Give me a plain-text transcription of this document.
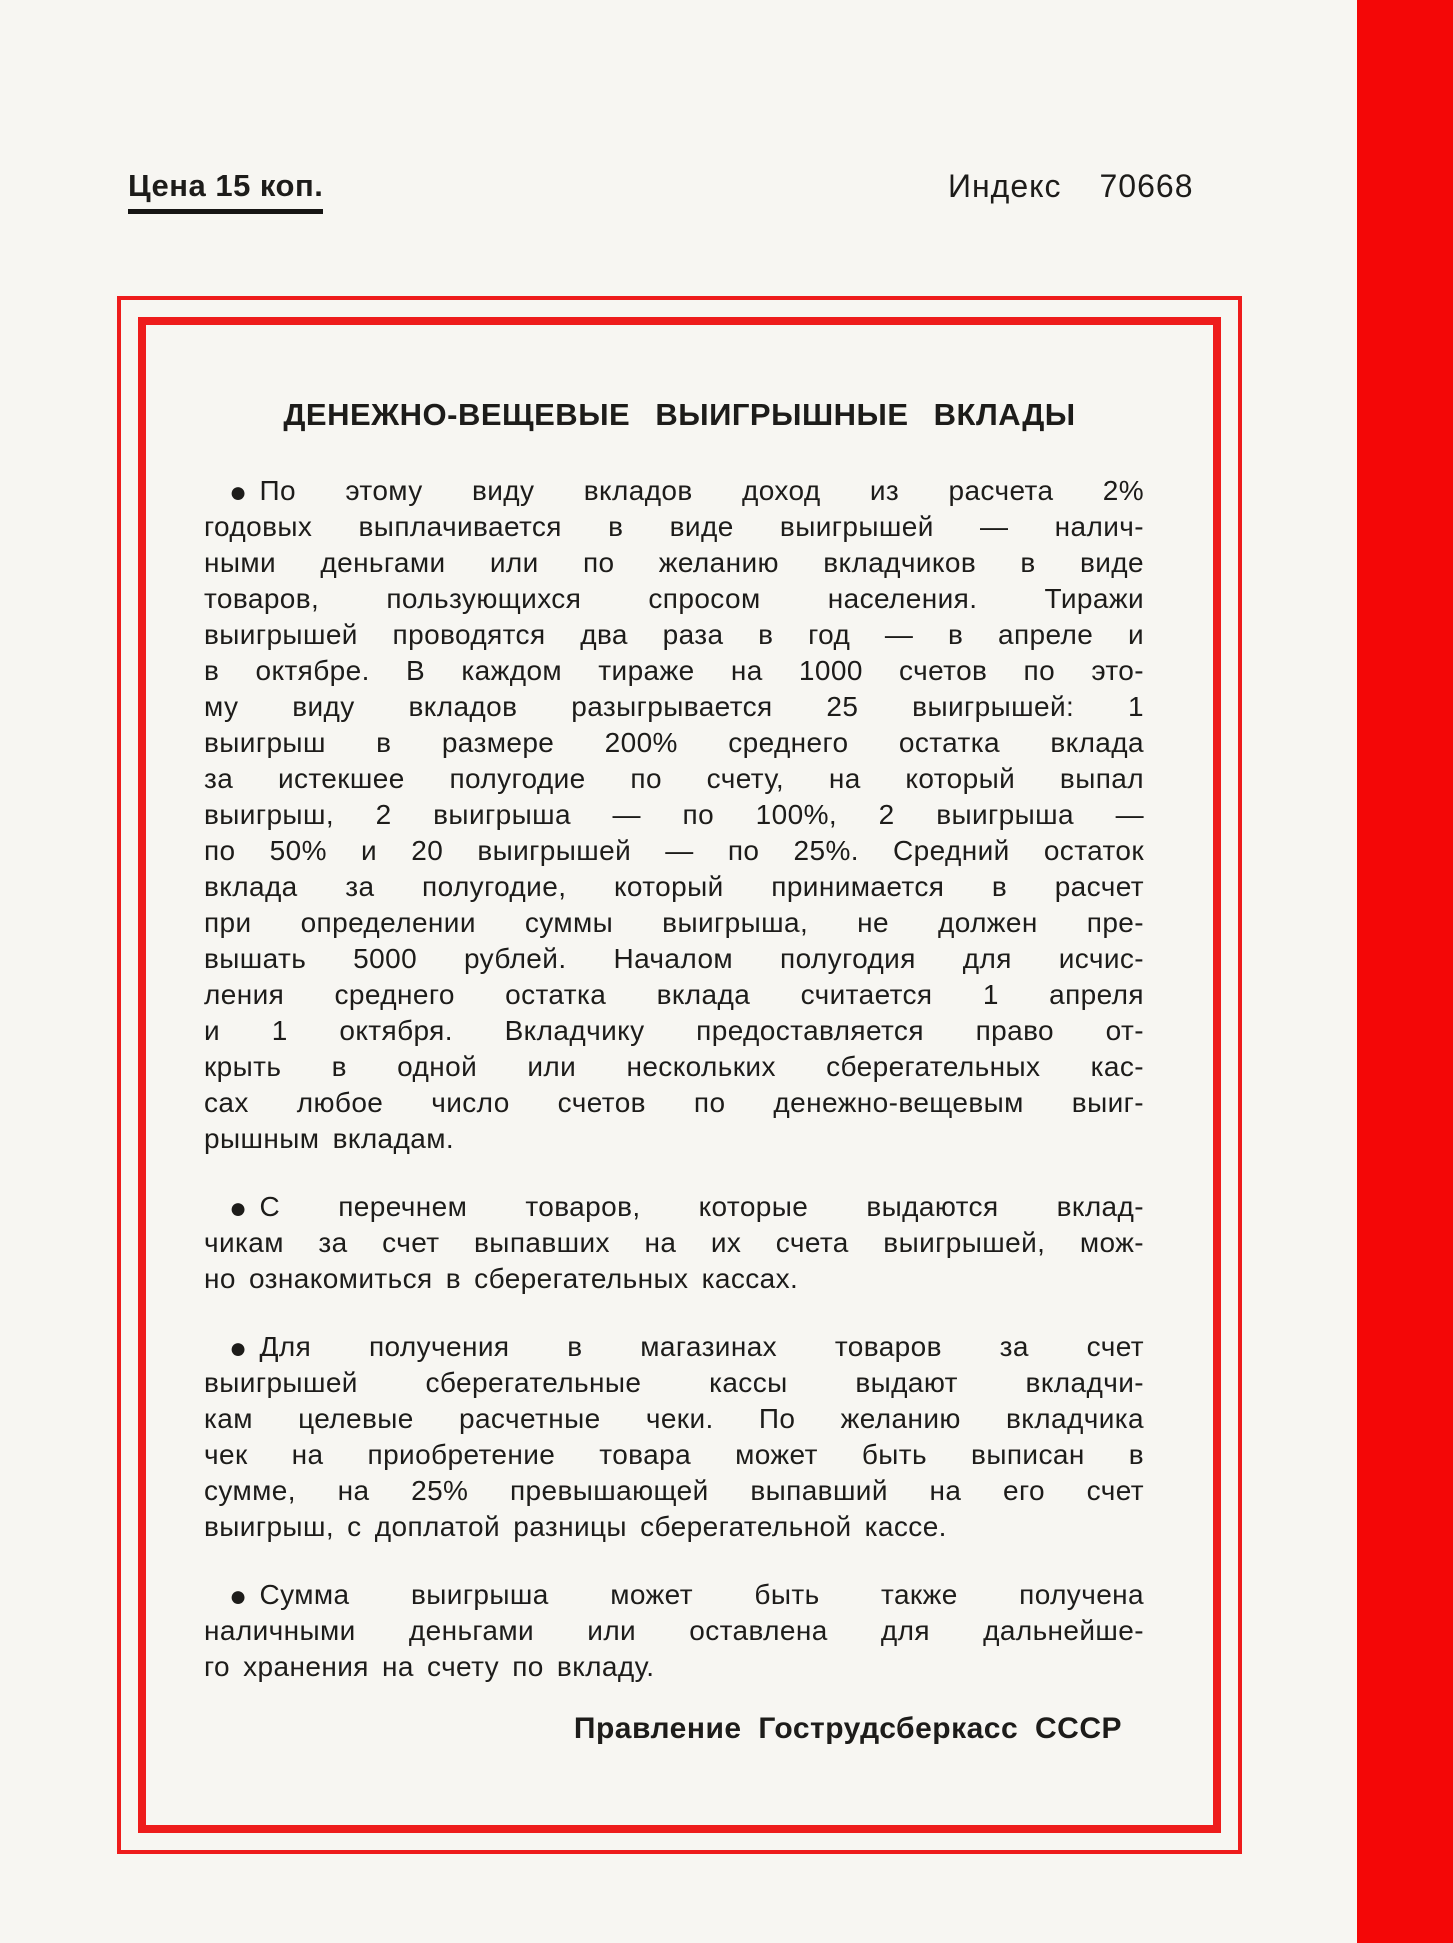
Цена 15 коп.	Индекс 70668
ДЕНЕЖНО-ВЕЩЕВЫЕ ВЫИГРЫШНЫЕ ВКЛАДЫ
● По этому виду вкладов доход из расчета 2%
годовых выплачивается в виде выигрышей — налич-
ными деньгами или по желанию вкладчиков в виде
товаров, пользующихся спросом населения. Тиражи
выигрышей проводятся два раза в год — в апреле и
в октябре. В каждом тираже на 1000 счетов по это-
му виду вкладов разыгрывается 25 выигрышей: 1
выигрыш в размере 200% среднего остатка вклада
за истекшее полугодие по счету, на который выпал
выигрыш, 2 выигрыша — по 100%, 2 выигрыша —
по 50% и 20 выигрышей — по 25%. Средний остаток
вклада за полугодие, который принимается в расчет
при определении суммы выигрыша, не должен пре-
вышать 5000 рублей. Началом полугодия для исчис-
ления среднего остатка вклада считается 1 апреля
и 1 октября. Вкладчику предоставляется право от-
крыть в одной или нескольких сберегательных кас-
сах любое число счетов по денежно-вещевым выиг-
рышным вкладам.
● С перечнем товаров, которые выдаются вклад-
чикам за счет выпавших на их счета выигрышей, мож-
но ознакомиться в сберегательных кассах.
● Для получения в магазинах товаров за счет
выигрышей сберегательные кассы выдают вкладчи-
кам целевые расчетные чеки. По желанию вкладчика
чек на приобретение товара может быть выписан в
сумме, на 25% превышающей выпавший на его счет
выигрыш, с доплатой разницы сберегательной кассе.
● Сумма выигрыша может быть также получена
наличными деньгами или оставлена для дальнейше-
го хранения на счету по вкладу.
Правление Гострудсберкасс СССР
